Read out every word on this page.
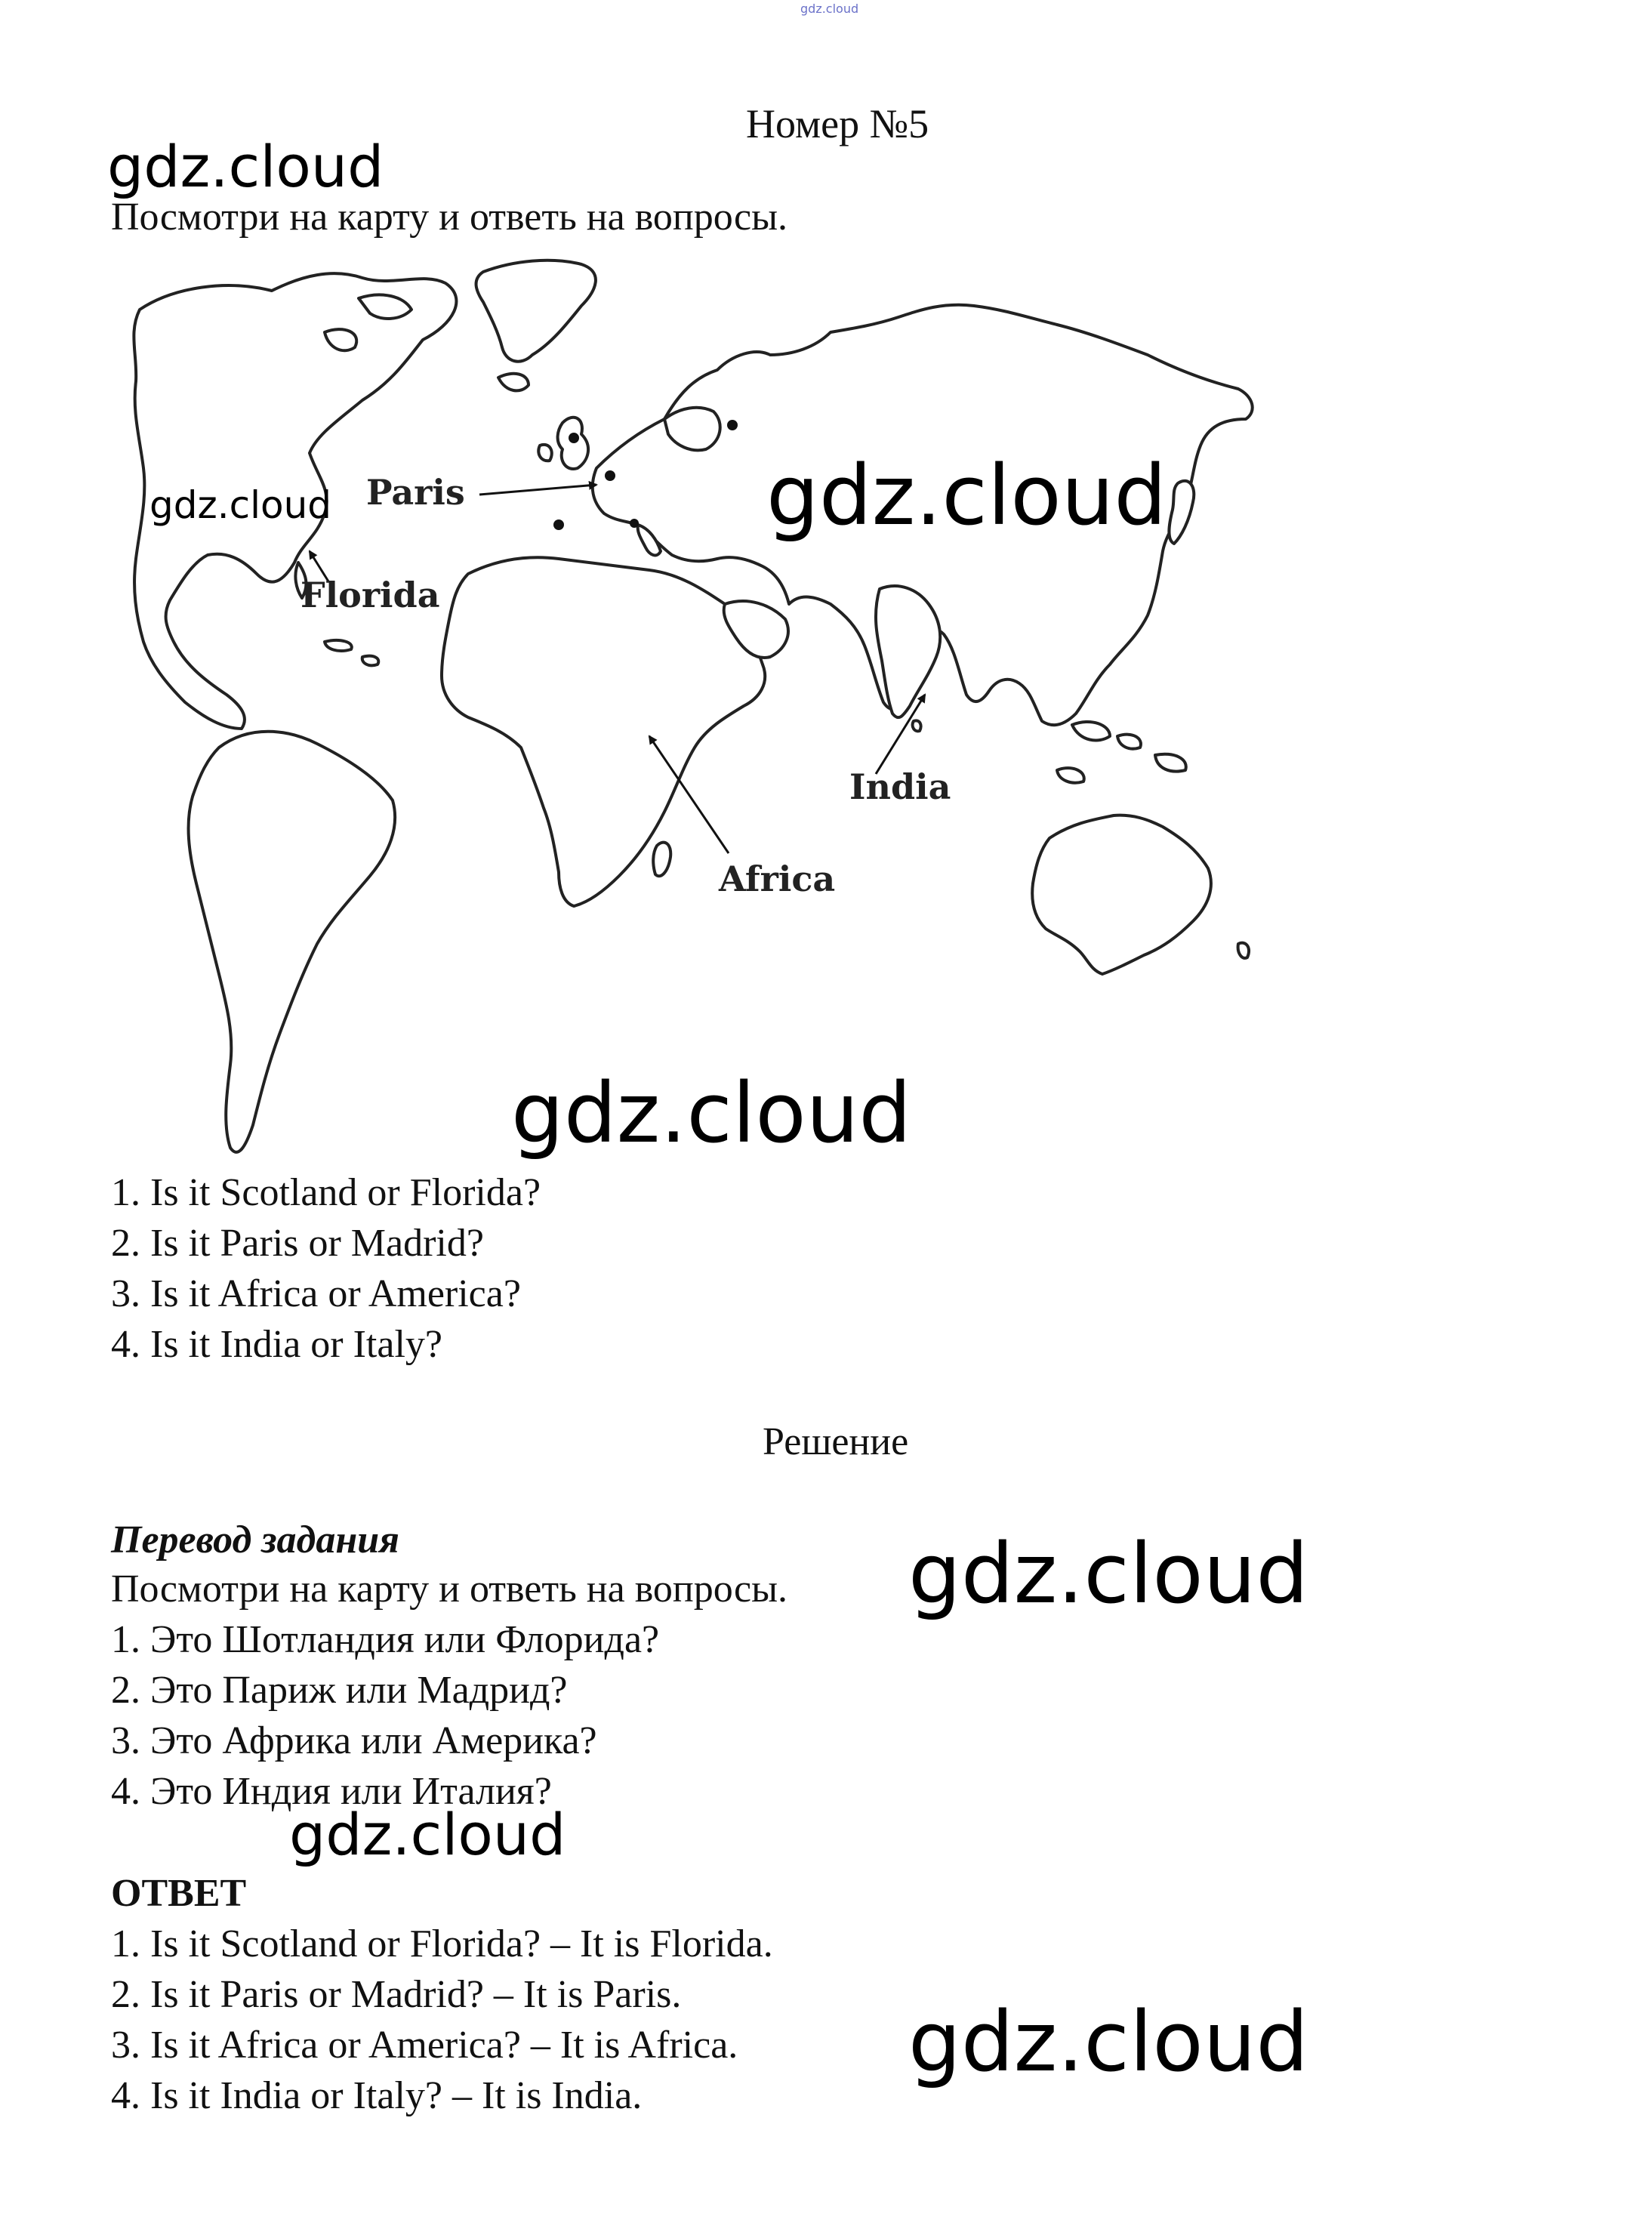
gdz.cloud
Номер №5
gdz.cloud
Посмотри на карту и ответь на вопросы.
Paris
Florida
India
Africa
gdz.cloud	gdz.cloud
gdz.cloud
1. Is it Scotland or Florida?
2. Is it Paris or Madrid?
3. Is it Africa or America?
4. Is it India or Italy?
Решение
Перевод задания
Посмотри на карту и ответь на вопросы. gdz.cloud
1. Это Шотландия или Флорида?
2. Это Париж или Мадрид?
3. Это Африка или Америка?
4. Это Индия или Италия?
gdz.cloud
ОТВЕТ
1. Is it Scotland or Florida? – It is Florida.
2. Is it Paris or Madrid? – It is Paris.
3. Is it Africa or America? – It is Africa.
4. Is it India or Italy? – It is India.
gdz.cloud
